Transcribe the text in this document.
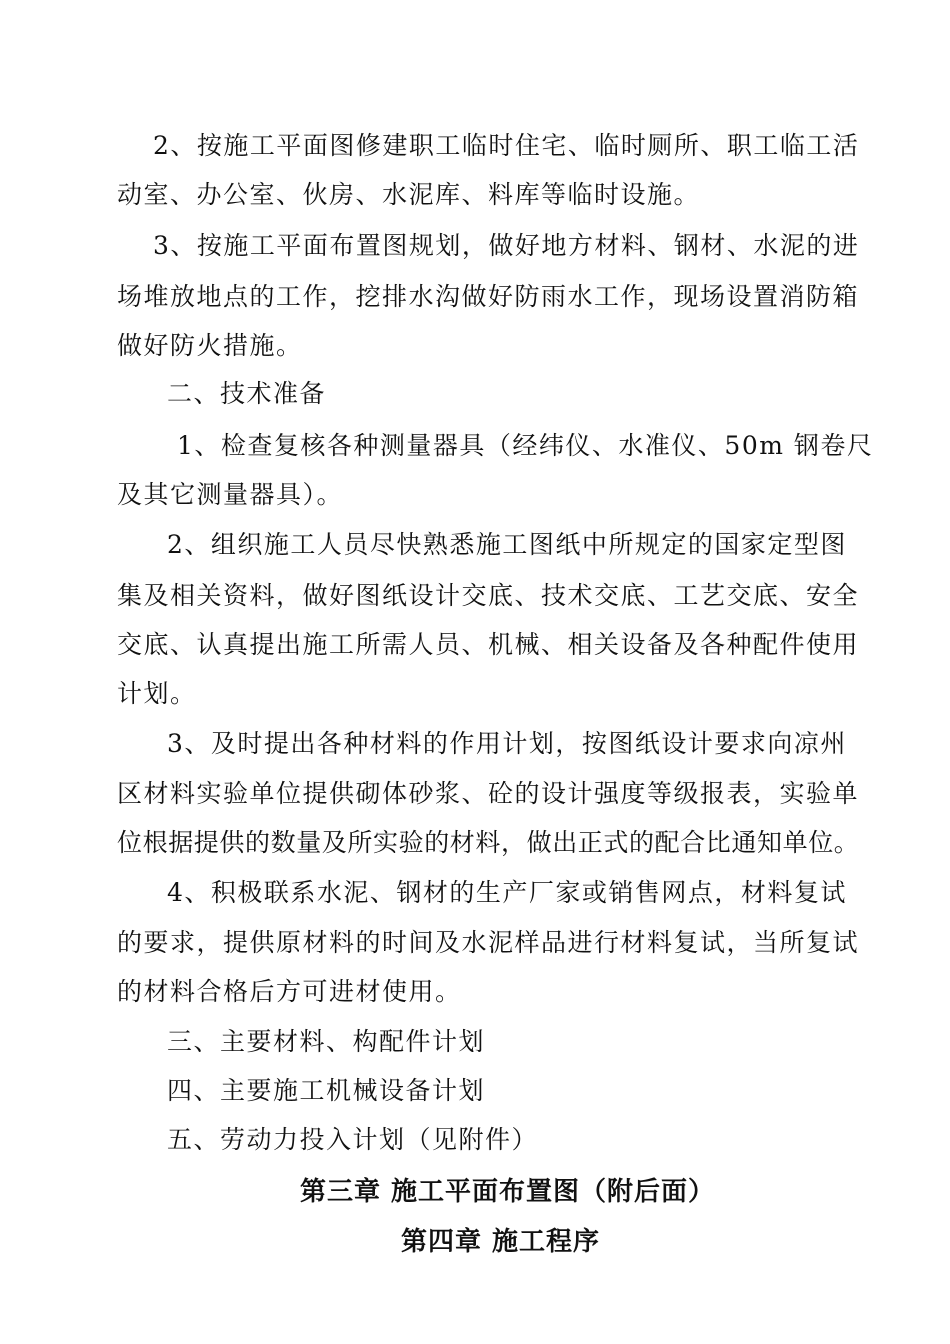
2、按施工平面图修建职工临时住宅、临时厕所、职工临工活
动室、办公室、伙房、水泥库、料库等临时设施。
3、按施工平面布置图规划，做好地方材料、钢材、水泥的进
场堆放地点的工作，挖排水沟做好防雨水工作，现场设置消防箱
做好防火措施。
二、技术准备
1、检查复核各种测量器具（经纬仪、水准仪、50m 钢卷尺
及其它测量器具）。
2、组织施工人员尽快熟悉施工图纸中所规定的国家定型图
集及相关资料，做好图纸设计交底、技术交底、工艺交底、安全
交底、认真提出施工所需人员、机械、相关设备及各种配件使用
计划。
3、及时提出各种材料的作用计划，按图纸设计要求向凉州
区材料实验单位提供砌体砂浆、砼的设计强度等级报表，实验单
位根据提供的数量及所实验的材料，做出正式的配合比通知单位。
4、积极联系水泥、钢材的生产厂家或销售网点，材料复试
的要求，提供原材料的时间及水泥样品进行材料复试，当所复试
的材料合格后方可进材使用。
三、主要材料、构配件计划
四、主要施工机械设备计划
五、劳动力投入计划（见附件）
第三章 施工平面布置图（附后面）
第四章 施工程序
